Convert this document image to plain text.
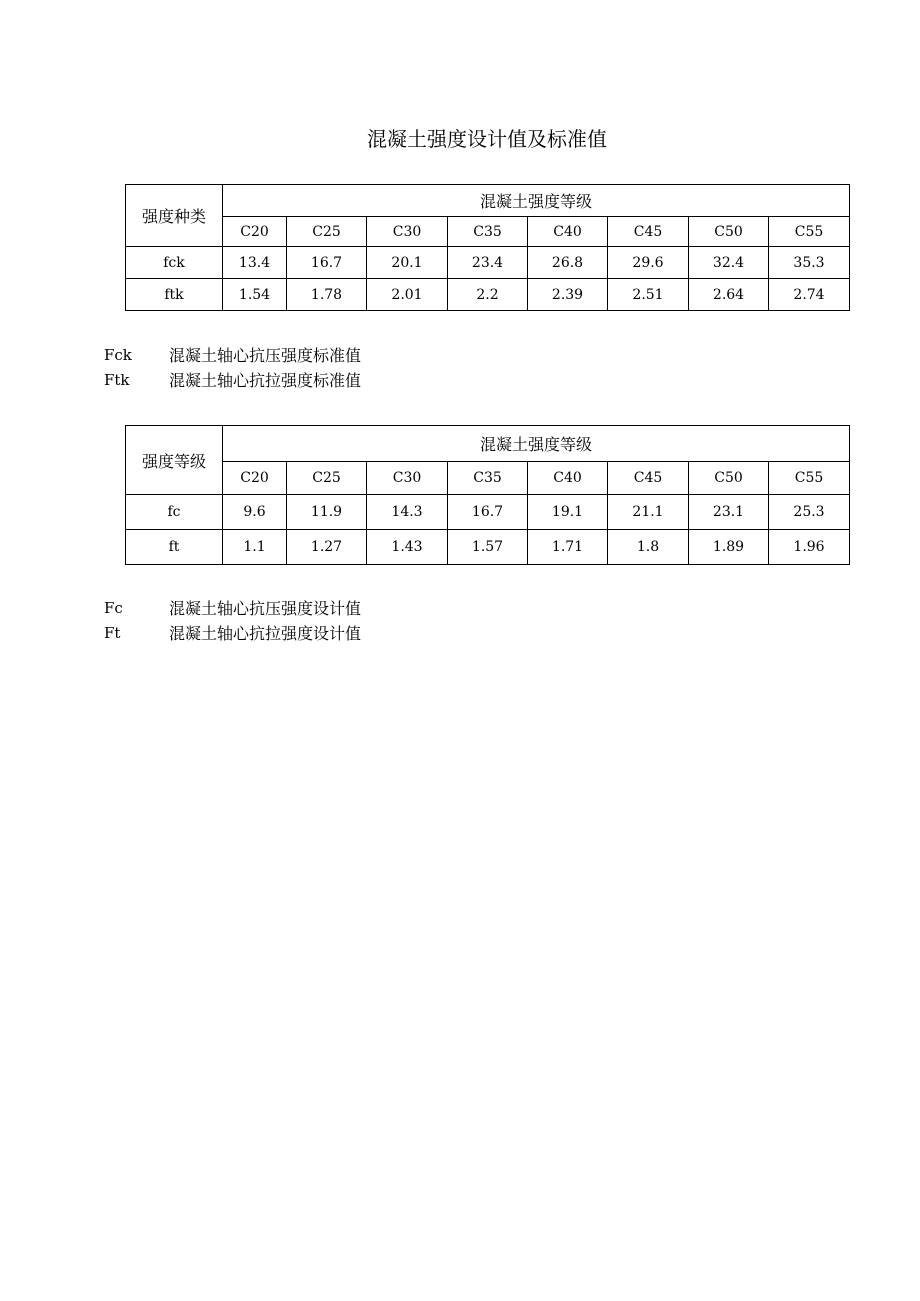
混凝土强度设计值及标准值
强度种类	混凝土强度等级							
	C20	C25	C30	C35	C40	C45	C50	C55
fck	13.4	16.7	20.1	23.4	26.8	29.6	32.4	35.3
ftk	1.54	1.78	2.01	2.2	2.39	2.51	2.64	2.74
Fck	混凝土轴心抗压强度标准值
Ftk	混凝土轴心抗拉强度标准值
强度等级	混凝土强度等级							
	C20	C25	C30	C35	C40	C45	C50	C55
fc	9.6	11.9	14.3	16.7	19.1	21.1	23.1	25.3
ft	1.1	1.27	1.43	1.57	1.71	1.8	1.89	1.96
Fc	混凝土轴心抗压强度设计值
Ft	混凝土轴心抗拉强度设计值
